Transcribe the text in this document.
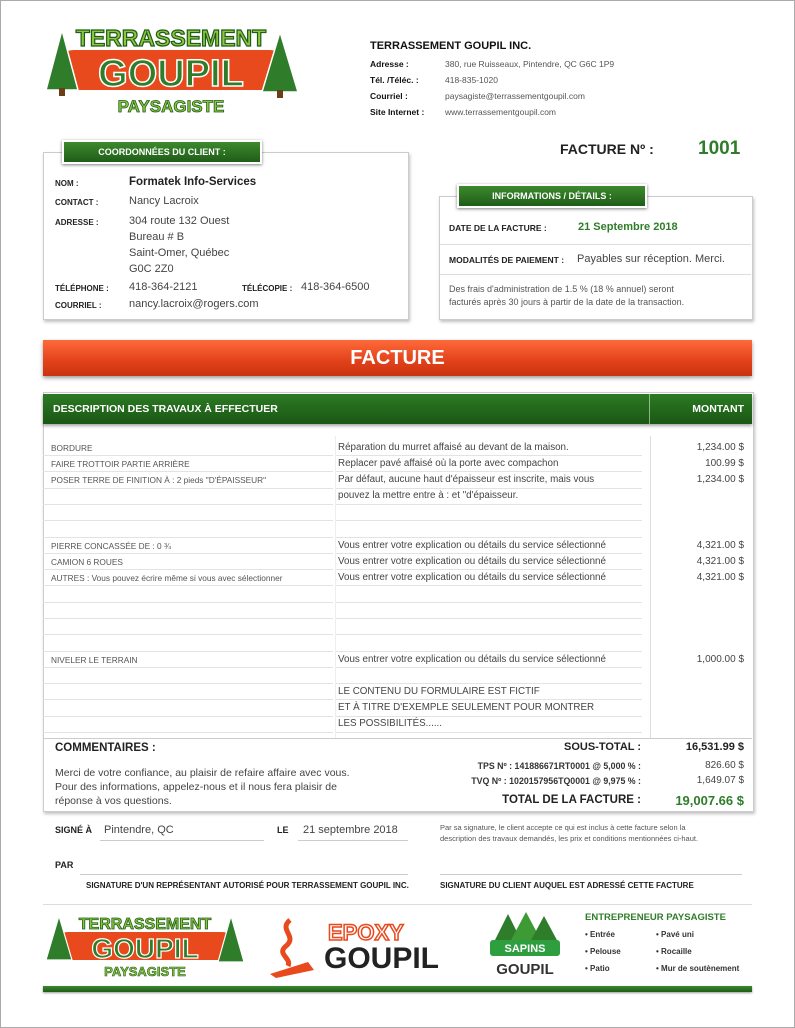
TERRASSEMENT
GOUPIL
PAYSAGISTE
TERRASSEMENT GOUPIL INC.
Adresse :	380, rue Ruisseaux, Pintendre, QC G6C 1P9
Tél. /Téléc. :	418-835-1020
Courriel :	paysagiste@terrassementgoupil.com
Site Internet : www.terrassementgoupil.com
COORDONNÉES DU CLIENT :
NOM :	Formatek Info-Services
CONTACT :	Nancy Lacroix
ADRESSE :	304 route 132 Ouest
Bureau # B
Saint-Omer, Québec
G0C 2Z0
TÉLÉPHONE : 418-364-2121	TÉLÉCOPIE : 418-364-6500
COURRIEL : nancy.lacroix@rogers.com
FACTURE Nº : 1001
INFORMATIONS / DÉTAILS :
DATE DE LA FACTURE :	21 Septembre 2018
MODALITÉS DE PAIEMENT : Payables sur réception. Merci.
Des frais d'administration de 1.5 % (18 % annuel) seront
facturés après 30 jours à partir de la date de la transaction.
FACTURE
DESCRIPTION DES TRAVAUX À EFFECTUER	MONTANT
BORDURE	Réparation du murret affaisé au devant de la maison.	1,234.00 $
FAIRE TROTTOIR PARTIE ARRIÈRE	Replacer pavé affaisé où la porte avec compachon	100.99 $
POSER TERRE DE FINITION À : 2 pieds "D'ÉPAISSEUR"	Par défaut, aucune haut d'épaisseur est inscrite, mais vous	1,234.00 $
pouvez la mettre entre à : et "d'épaisseur.
PIERRE CONCASSÉE DE : 0 ¾	Vous entrer votre explication ou détails du service sélectionné	4,321.00 $
CAMION 6 ROUES	Vous entrer votre explication ou détails du service sélectionné	4,321.00 $
AUTRES : Vous pouvez écrire même si vous avec sélectionner	Vous entrer votre explication ou détails du service sélectionné	4,321.00 $
NIVELER LE TERRAIN	Vous entrer votre explication ou détails du service sélectionné	1,000.00 $
LE CONTENU DU FORMULAIRE EST FICTIF
ET À TITRE D'EXEMPLE SEULEMENT POUR MONTRER
LES POSSIBILITÉS......
COMMENTAIRES :
Merci de votre confiance, au plaisir de refaire affaire avec vous.
Pour des informations, appelez-nous et il nous fera plaisir de
réponse à vos questions.
SOUS-TOTAL :	16,531.99 $
TPS Nº : 141886671RT0001 @ 5,000 % :	826.60 $
TVQ Nº : 1020157956TQ0001 @ 9,975 % :	1,649.07 $
TOTAL DE LA FACTURE :	19,007.66 $
SIGNÉ À Pintendre, QC	LE 21 septembre 2018	Par sa signature, le client accepte ce qui est inclus à cette facture selon la
description des travaux demandés, les prix et conditions mentionnées ci-haut.
PAR
SIGNATURE D'UN REPRÉSENTANT AUTORISÉ POUR TERRASSEMENT GOUPIL INC.	SIGNATURE DU CLIENT AUQUEL EST ADRESSÉ CETTE FACTURE
TERRASSEMENT
GOUPIL
PAYSAGISTE
EPOXY
GOUPIL	SAPINS
GOUPIL
ENTREPRENEUR PAYSAGISTE
• Entrée	• Pavé uni
• Pelouse	• Rocaille
• Patio	• Mur de soutènement
